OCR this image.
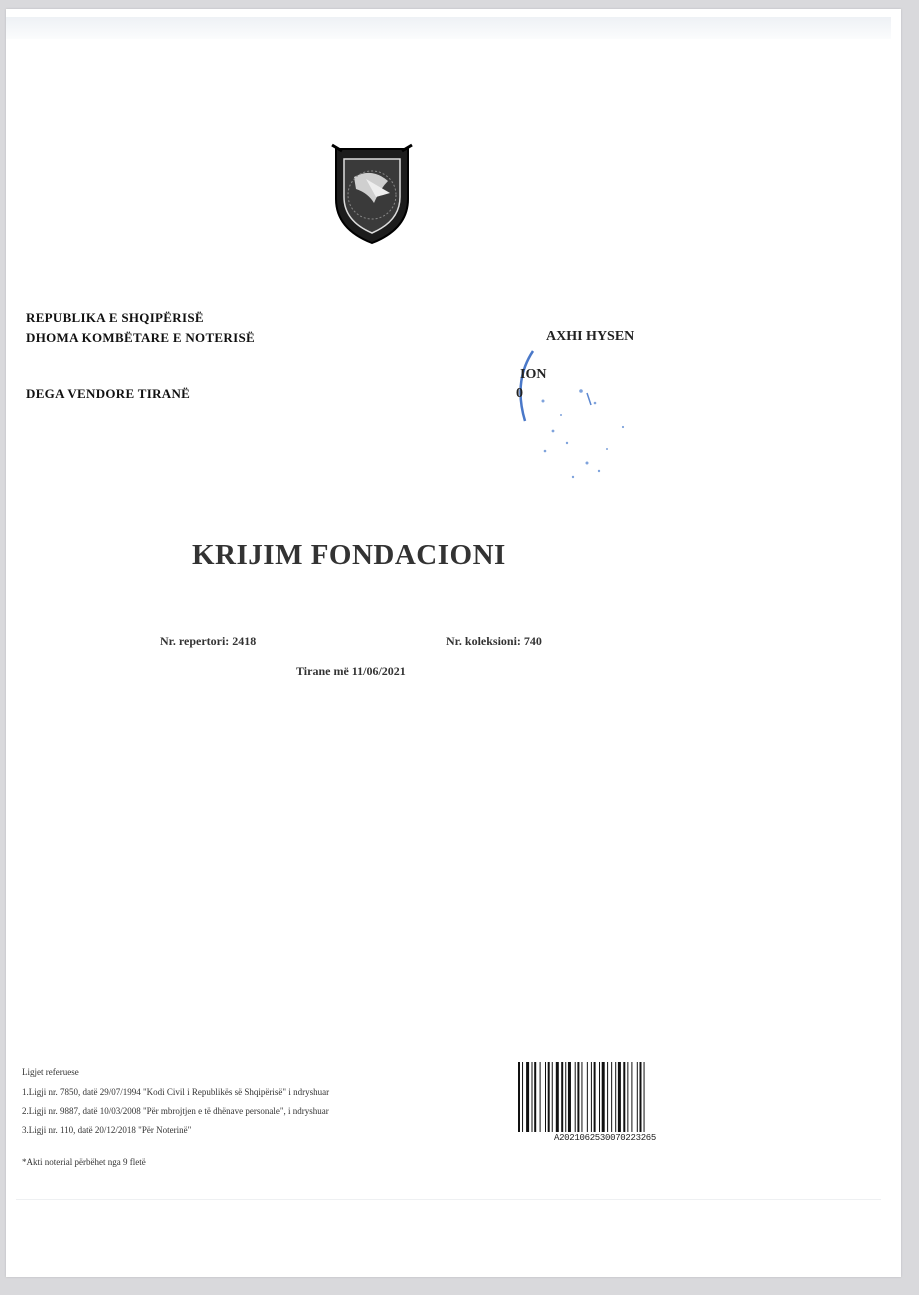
REPUBLIKA E SHQIPËRISË
DHOMA KOMBËTARE E NOTERISË
DEGA VENDORE TIRANË
AXHI HYSEN
ION
0
KRIJIM FONDACIONI
Nr. repertori: 2418	Nr. koleksioni: 740
Tirane më 11/06/2021
Ligjet referuese
1.Ligji nr. 7850, datë 29/07/1994 "Kodi Civil i Republikës së Shqipërisë" i ndryshuar
2.Ligji nr. 9887, datë 10/03/2008 "Për mbrojtjen e të dhënave personale", i ndryshuar
3.Ligji nr. 110, datë 20/12/2018 "Për Noterinë"
*Akti noterial përbëhet nga 9 fletë
A2021062530070223265
